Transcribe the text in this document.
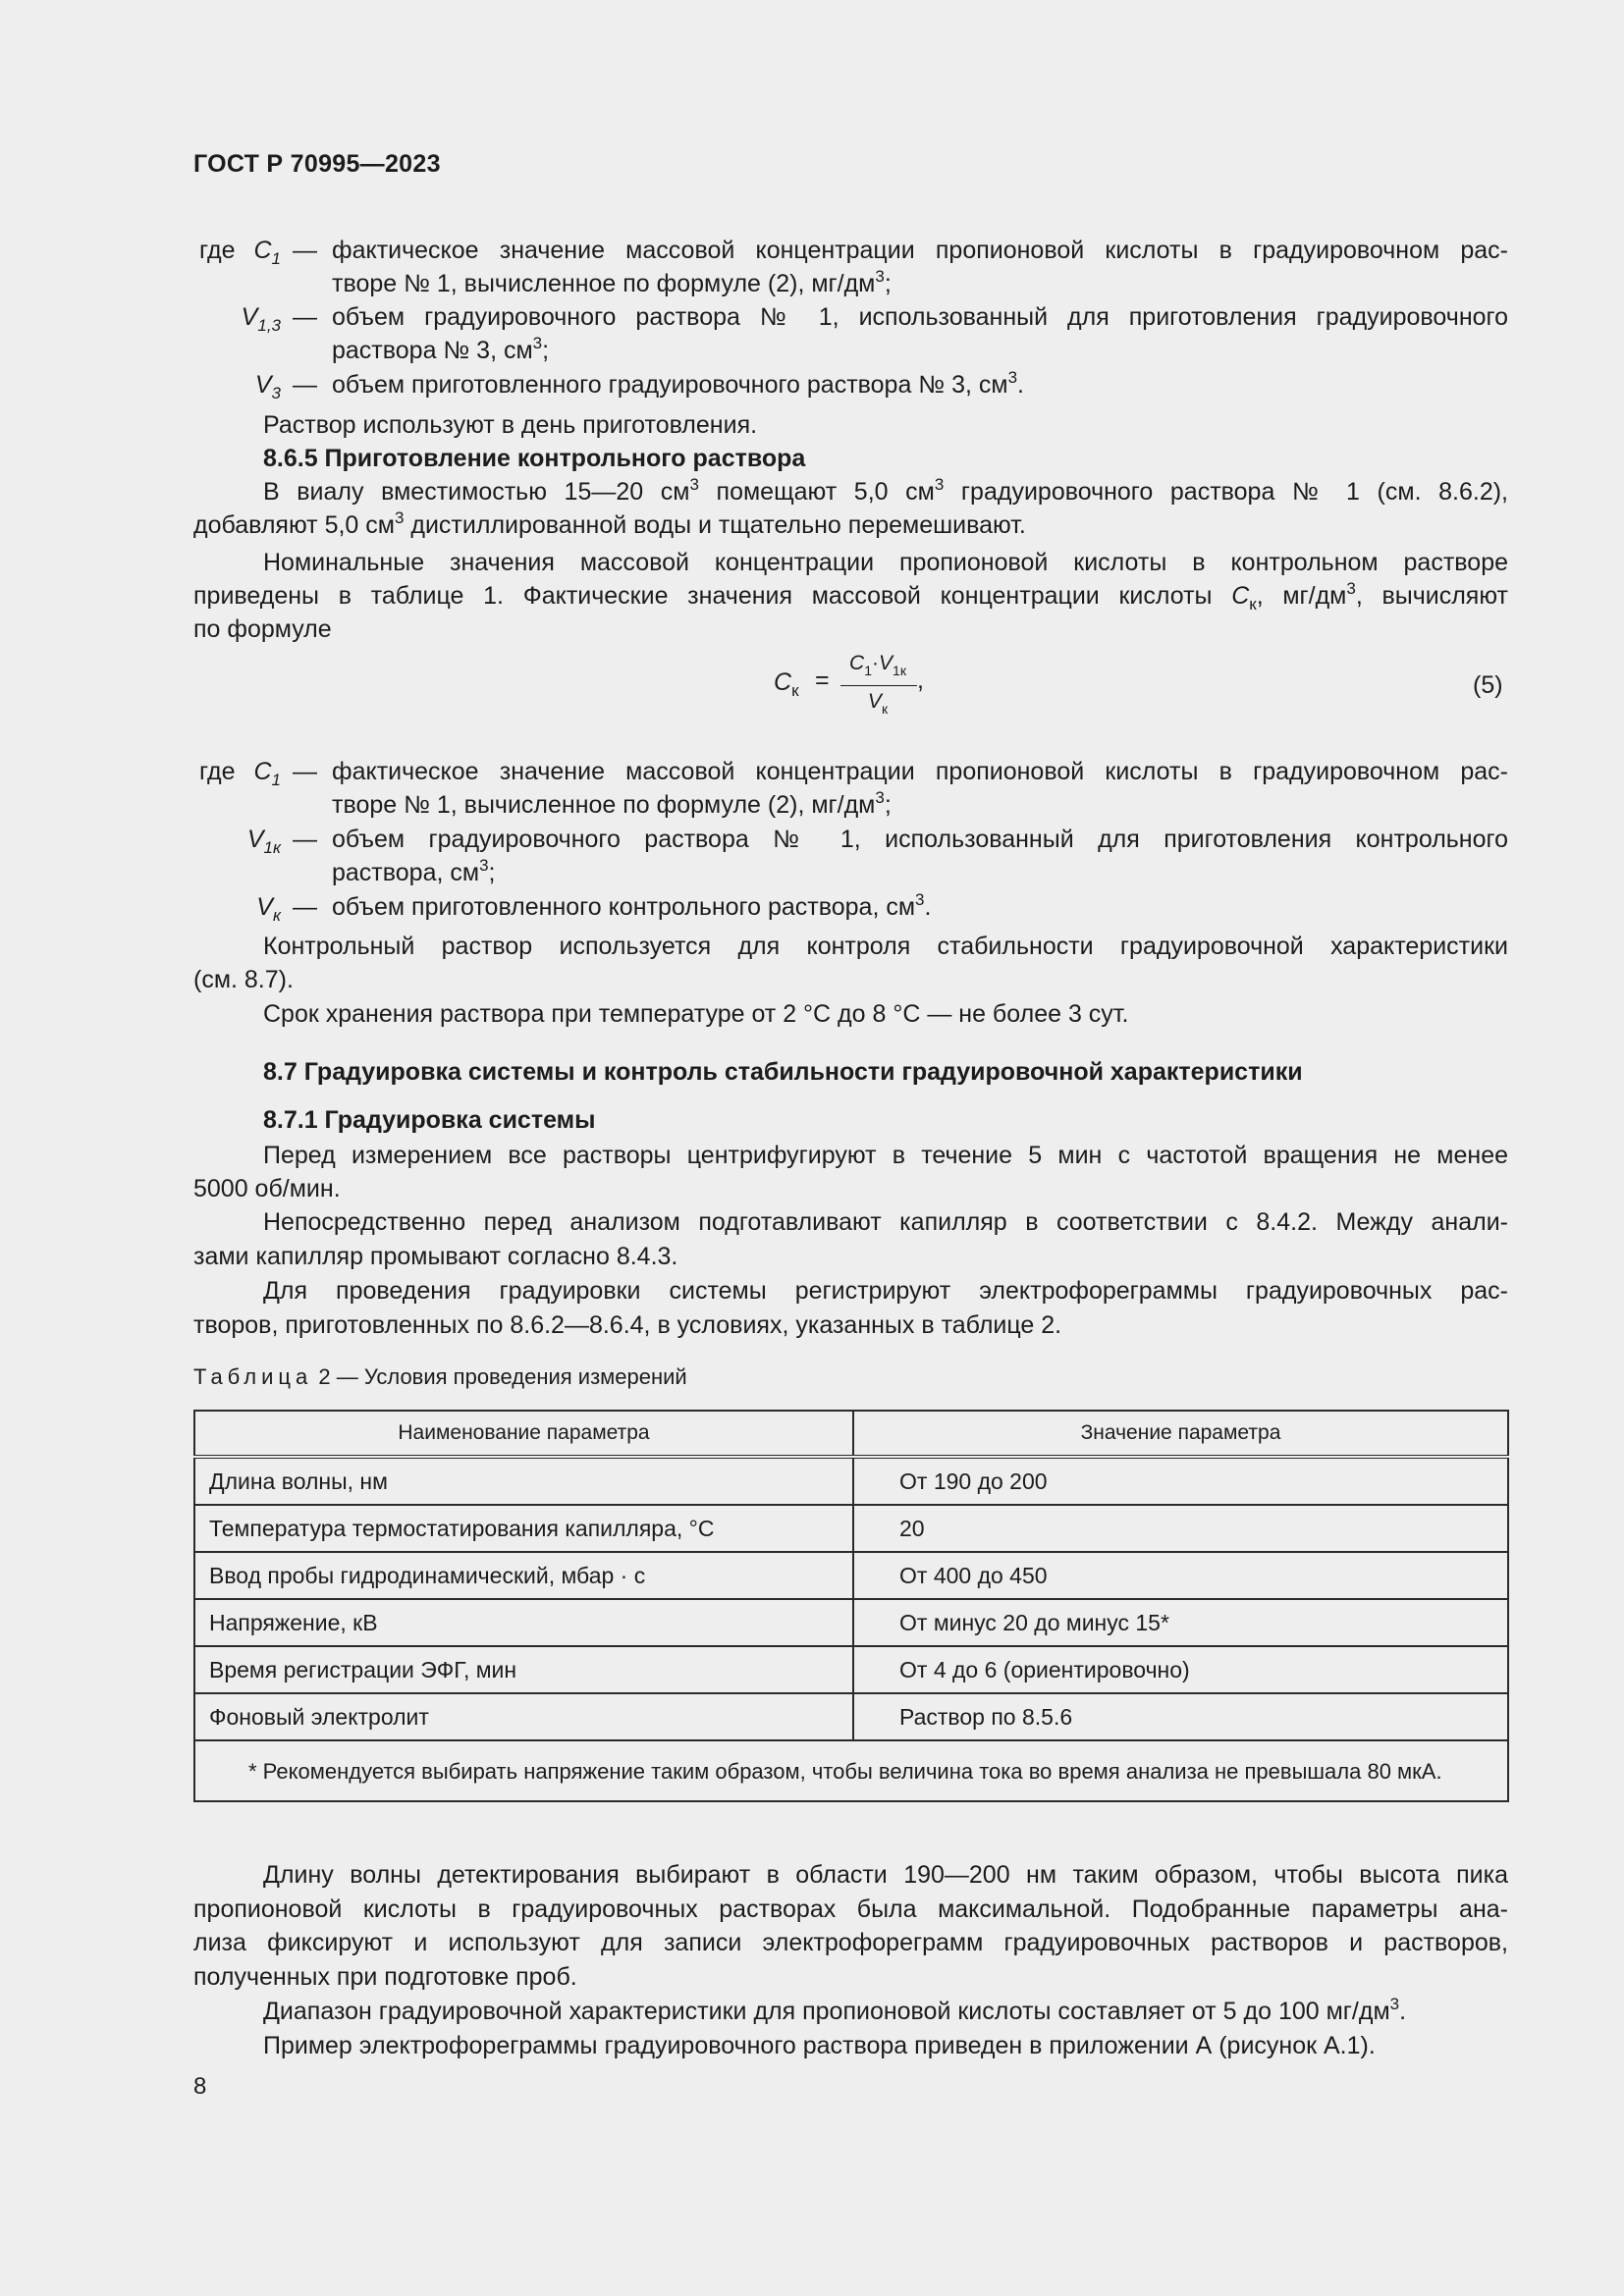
ГОСТ Р 70995—2023
где $C_1$ — фактическое значение массовой концентрации пропионовой кислоты в градуировочном рас-
творе № 1, вычисленное по формуле (2), $мг/дм^3$;
$V_{1,3}$ — объем градуировочного раствора № 1, использованный для приготовления градуировочного
раствора № 3, $см^3$;
$V_3$ — объем приготовленного градуировочного раствора № 3, $см^3$.
Раствор используют в день приготовления.
8.6.5 Приготовление контрольного раствора
В виалу вместимостью 15—20 $см^3$ помещают 5,0 $см^3$ градуировочного раствора № 1 (см. 8.6.2),
добавляют 5,0 $см^3$ дистиллированной воды и тщательно перемешивают.
Номинальные значения массовой концентрации пропионовой кислоты в контрольном растворе
приведены в таблице 1. Фактические значения массовой концентрации кислоты $C_к$, $мг/дм^3$, вычисляют
по формуле
$C_к$ =
$C_1\cdot V_{1к}$
$V_к$
,	(5)
где $C_1$ — фактическое значение массовой концентрации пропионовой кислоты в градуировочном рас-
творе № 1, вычисленное по формуле (2), $мг/дм^3$;
$V_{1к}$ — объем градуировочного раствора № 1, использованный для приготовления контрольного
раствора, $см^3$;
$V_к$ — объем приготовленного контрольного раствора, $см^3$.
Контрольный раствор используется для контроля стабильности градуировочной характеристики
(см. 8.7).
Срок хранения раствора при температуре от 2 °C до 8 °C — не более 3 сут.
8.7 Градуировка системы и контроль стабильности градуировочной характеристики
8.7.1 Градуировка системы
Перед измерением все растворы центрифугируют в течение 5 мин с частотой вращения не менее
5000 об/мин.
Непосредственно перед анализом подготавливают капилляр в соответствии с 8.4.2. Между анали-
зами капилляр промывают согласно 8.4.3.
Для проведения градуировки системы регистрируют электрофореграммы градуировочных рас-
творов, приготовленных по 8.6.2—8.6.4, в условиях, указанных в таблице 2.
Таблица 2 — Условия проведения измерений
Наименование параметра	Значение параметра
Длина волны, нм	От 190 до 200
Температура термостатирования капилляра, °C	20
Ввод пробы гидродинамический, мбар · с	От 400 до 450
Напряжение, кВ	От минус 20 до минус 15*
Время регистрации ЭФГ, мин	От 4 до 6 (ориентировочно)
Фоновый электролит	Раствор по 8.5.6
* Рекомендуется выбирать напряжение таким образом, чтобы величина тока во время анализа не превышала 80 мкА.	
Длину волны детектирования выбирают в области 190—200 нм таким образом, чтобы высота пика
пропионовой кислоты в градуировочных растворах была максимальной. Подобранные параметры ана-
лиза фиксируют и используют для записи электрофореграмм градуировочных растворов и растворов,
полученных при подготовке проб.
Диапазон градуировочной характеристики для пропионовой кислоты составляет от 5 до 100 $мг/дм^3$.
Пример электрофореграммы градуировочного раствора приведен в приложении А (рисунок А.1).
8
